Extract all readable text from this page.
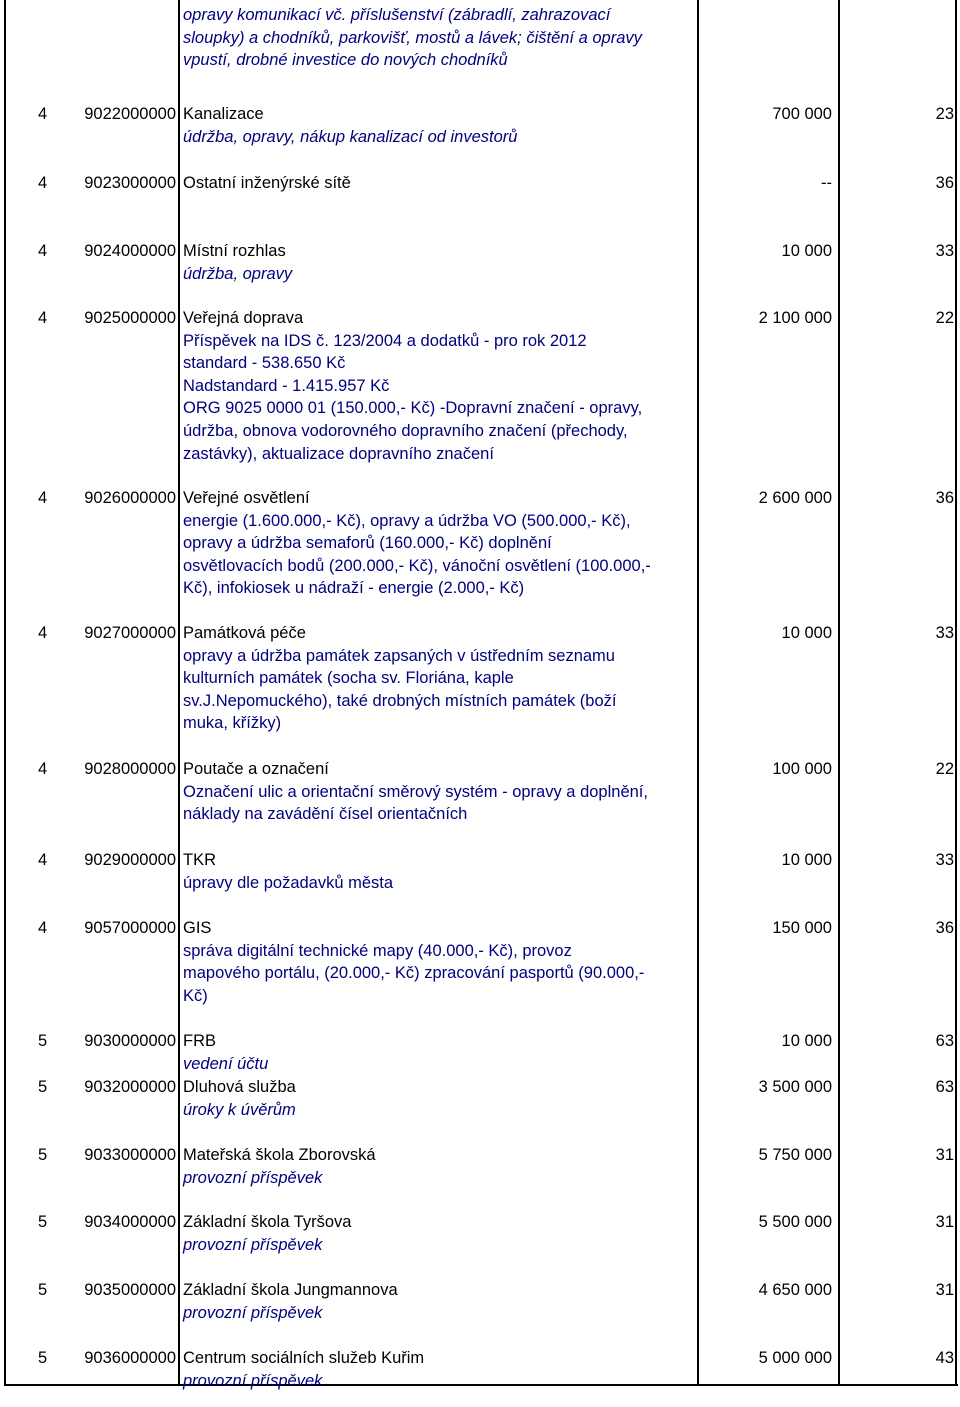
opravy komunikací vč. příslušenství (zábradlí, zahrazovací
sloupky) a chodníků, parkovišť, mostů a lávek; čištění a opravy
vpustí, drobné investice do nových chodníků
4 9022000000 Kanalizace	700 000	23
údržba, opravy, nákup kanalizací od investorů
4 9023000000 Ostatní inženýrské sítě	--	36
4 9024000000 Místní rozhlas	10 000	33
údržba, opravy
4 9025000000 Veřejná doprava	2 100 000	22
Příspěvek na IDS č. 123/2004 a dodatků - pro rok 2012
standard - 538.650 Kč
Nadstandard - 1.415.957 Kč
ORG 9025 0000 01 (150.000,- Kč) -Dopravní značení - opravy,
údržba, obnova vodorovného dopravního značení (přechody,
zastávky), aktualizace dopravního značení
4 9026000000 Veřejné osvětlení	2 600 000	36
energie (1.600.000,- Kč), opravy a údržba VO (500.000,- Kč),
opravy a údržba semaforů (160.000,- Kč) doplnění
osvětlovacích bodů (200.000,- Kč), vánoční osvětlení (100.000,-
Kč), infokiosek u nádraží - energie (2.000,- Kč)
4 9027000000 Památková péče	10 000	33
opravy a údržba památek zapsaných v ústředním seznamu
kulturních památek (socha sv. Floriána, kaple
sv.J.Nepomuckého), také drobných místních památek (boží
muka, křížky)
4 9028000000 Poutače a označení	100 000	22
Označení ulic a orientační směrový systém - opravy a doplnění,
náklady na zavádění čísel orientačních
4 9029000000 TKR	10 000	33
úpravy dle požadavků města
4 9057000000 GIS	150 000	36
správa digitální technické mapy (40.000,- Kč), provoz
mapového portálu, (20.000,- Kč) zpracování pasportů (90.000,-
Kč)
5 9030000000 FRB	10 000	63
vedení účtu
5 9032000000 Dluhová služba	3 500 000	63
úroky k úvěrům
5 9033000000 Mateřská škola Zborovská	5 750 000	31
provozní příspěvek
5 9034000000 Základní škola Tyršova	5 500 000	31
provozní příspěvek
5 9035000000 Základní škola Jungmannova	4 650 000	31
provozní příspěvek
5 9036000000 Centrum sociálních služeb Kuřim	5 000 000	43
provozní příspěvek
